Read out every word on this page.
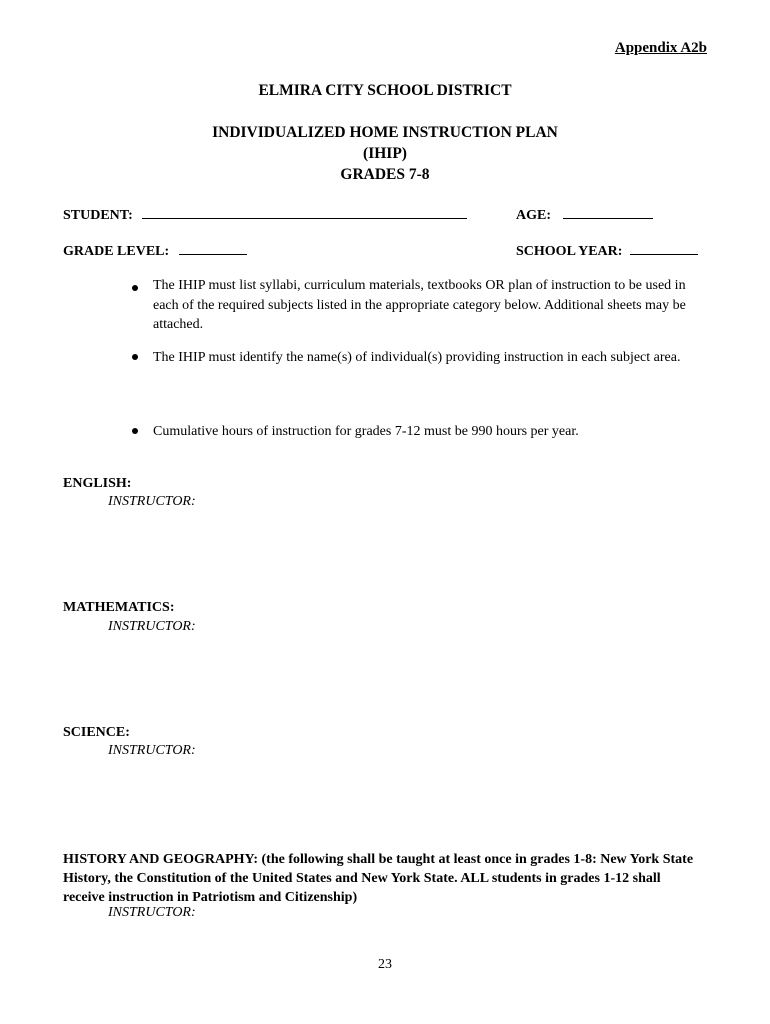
Appendix A2b
ELMIRA CITY SCHOOL DISTRICT
INDIVIDUALIZED HOME INSTRUCTION PLAN
(IHIP)
GRADES 7-8
STUDENT:	AGE:
GRADE LEVEL:	SCHOOL YEAR:
The IHIP must list syllabi, curriculum materials, textbooks OR plan of instruction to be used in each of the required subjects listed in the appropriate category below. Additional sheets may be attached.
The IHIP must identify the name(s) of individual(s) providing instruction in each subject area.
Cumulative hours of instruction for grades 7-12 must be 990 hours per year.
ENGLISH:
INSTRUCTOR:
MATHEMATICS:
INSTRUCTOR:
SCIENCE:
INSTRUCTOR:
HISTORY AND GEOGRAPHY: (the following shall be taught at least once in grades 1-8: New York State History, the Constitution of the United States and New York State. ALL students in grades 1-12 shall receive instruction in Patriotism and Citizenship)
INSTRUCTOR:
23
